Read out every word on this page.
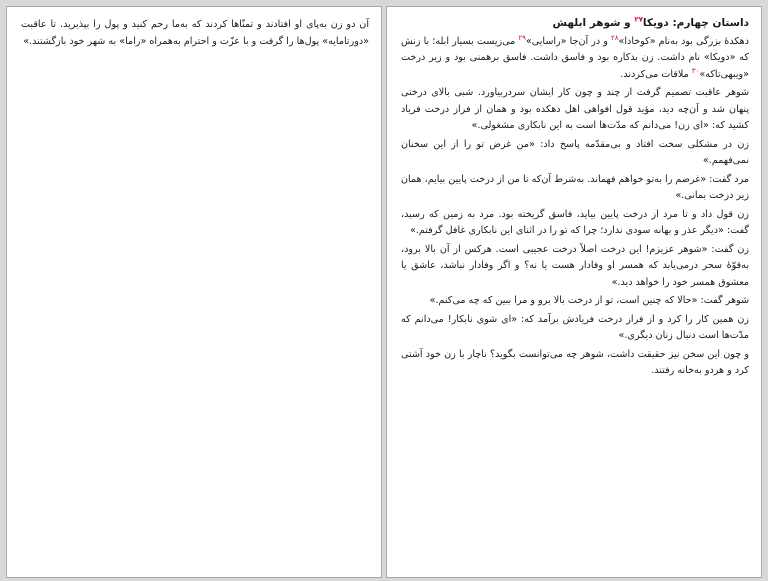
آن دو زن به‌پای او افتادند و تمنّاها کردند که به‌ما رحم کنید و پول را بپذیرید. تا عاقبت «دورتامایه» پول‌ها را گرفت و با عزّت و احترام به‌همراه «راما» به شهر خود بازگشتند.»

داستان چهارم: دویکا$^{۲۷}$ و شوهر ابلهش

دهکده‌ٔ بزرگی بود به‌نام «کوخادا»$^{۲۸}$ و در آن‌جا «راسایی»$^{۲۹}$ می‌زیست بسیار ابله؛ با زنش که «دویکا» نام داشت. زن بدکاره بود و فاسق داشت. فاسق برهمنی بود و زیر درخت «ویبهی‌تاکه»$^{۳۰}$ ملاقات می‌کردند.

شوهر عاقبت تصمیم گرفت از چند و چون کار ایشان سردربیاورد. شبی بالای درختی پنهان شد و آن‌چه دید، مؤید قول افواهی اهل دهکده بود و همان از فراز درخت فریاد کشید که: «ای زن! می‌دانم که مدّت‌ها است به این نابکاری مشغولی.»

زن در مشکلی سخت افتاد و بی‌مقدّمه پاسخ داد: «من غرض تو را از این سخنان نمی‌فهمم.»

مرد گفت: «غرضم را به‌تو خواهم فهماند. به‌شرط آن‌که تا من از درخت پایین بیایم، همان زیر درخت بمانی.»

زن قول داد و تا مرد از درخت پایین بیاید، فاسق گریخته بود. مرد به زمین که رسید، گفت: «دیگر عذر و بهانه سودی ندارد؛ چرا که تو را در اثنای این نابکاری غافل گرفتم.»

زن گفت: «شوهر عزیزم! این درخت اصلاً درخت عجیبی است. هرکس از آن بالا برود، به‌قوّهٔ سحر درمی‌یابد که همسر او وفادار هست یا نه؟ و اگر وفادار نباشد، عاشق یا معشوق همسر خود را خواهد دید.»

شوهر گفت: «حالا که چنین است، تو از درخت بالا برو و مرا ببین که چه می‌کنم.»

زن همین کار را کرد و از فراز درخت فریادش برآمد که: «ای شوی نابکار! می‌دانم که مدّت‌ها است دنبال زنان دیگری.»

و چون این سخن نیز حقیقت داشت، شوهر چه می‌توانست بگوید؟ ناچار با زن خود آشتی کرد و هردو به‌خانه رفتند.
